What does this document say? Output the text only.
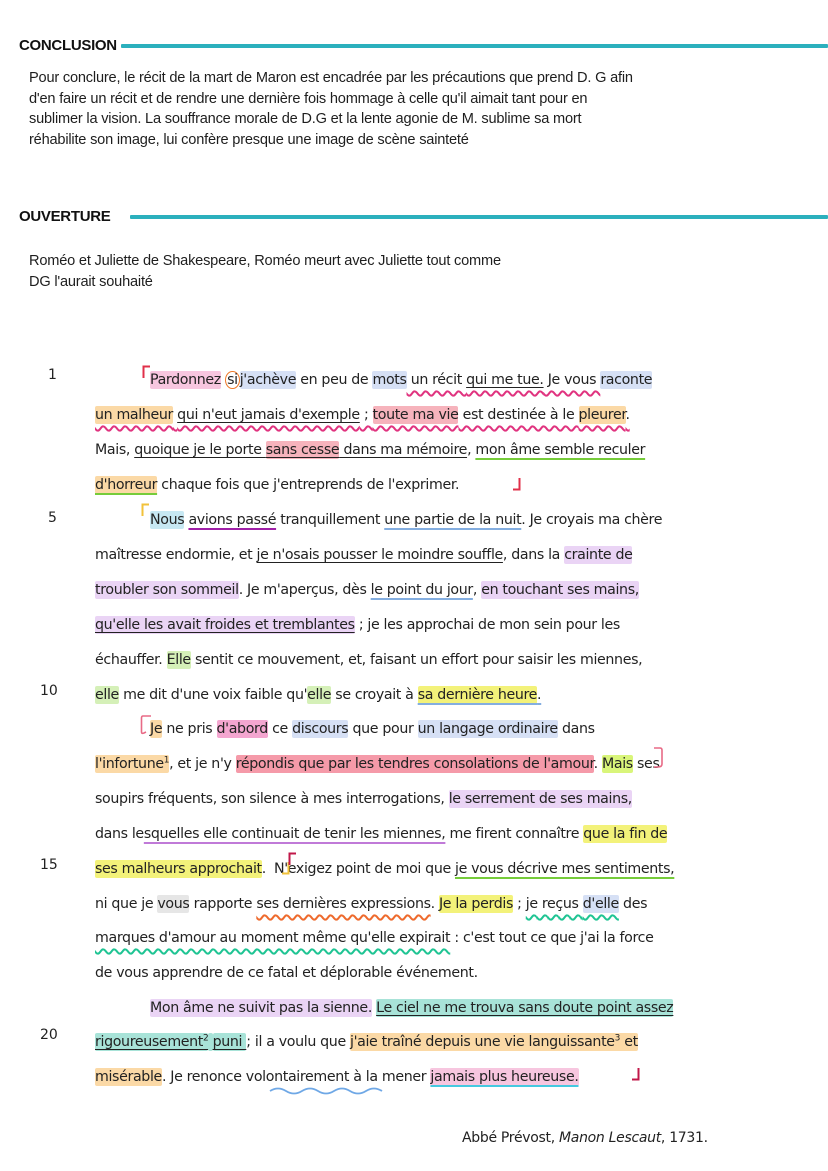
CONCLUSION

Pour conclure, le récit de la mart de Maron est encadrée par les précautions que prend D. G afin

d'en faire un récit et de rendre une dernière fois hommage à celle qu'il aimait tant pour en

sublimer la vision. La souffrance morale de D.G et la lente agonie de M. sublime sa mort

réhabilite son image, lui confère presque une image de scène sainteté

OUVERTURE

Roméo et Juliette de Shakespeare, Roméo meurt avec Juliette tout comme

DG l'aurait souhaité

1
5
10
15
20
Pardonnez si j'achève en peu de mots un récit qui me tue. Je vous raconte
un malheur qui n'eut jamais d'exemple ; toute ma vie est destinée à le pleurer.
Mais, quoique je le porte sans cesse dans ma mémoire, mon âme semble reculer
d'horreur chaque fois que j'entreprends de l'exprimer.
Nous avions passé tranquillement une partie de la nuit. Je croyais ma chère
maîtresse endormie, et je n'osais pousser le moindre souffle, dans la crainte de
troubler son sommeil. Je m'aperçus, dès le point du jour, en touchant ses mains,
qu'elle les avait froides et tremblantes ; je les approchai de mon sein pour les
échauffer. Elle sentit ce mouvement, et, faisant un effort pour saisir les miennes,
elle me dit d'une voix faible qu'elle se croyait à sa dernière heure.
Je ne pris d'abord ce discours que pour un langage ordinaire dans
l'infortune$^1$, et je n'y répondis que par les tendres consolations de l'amour. Mais ses
soupirs fréquents, son silence à mes interrogations, le serrement de ses mains,
dans lesquelles elle continuait de tenir les miennes, me firent connaître que la fin de
ses malheurs approchait. N'exigez point de moi que je vous décrive mes sentiments,
ni que je vous rapporte ses dernières expressions. Je la perdis ; je reçus d'elle des
marques d'amour au moment même qu'elle expirait : c'est tout ce que j'ai la force
de vous apprendre de ce fatal et déplorable événement.
Mon âme ne suivit pas la sienne. Le ciel ne me trouva sans doute point assez
rigoureusement$^2$ puni ; il a voulu que j'aie traîné depuis une vie languissante$^3$ et
misérable. Je renonce volontairement à la mener jamais plus heureuse.
Abbé Prévost, Manon Lescaut, 1731.
